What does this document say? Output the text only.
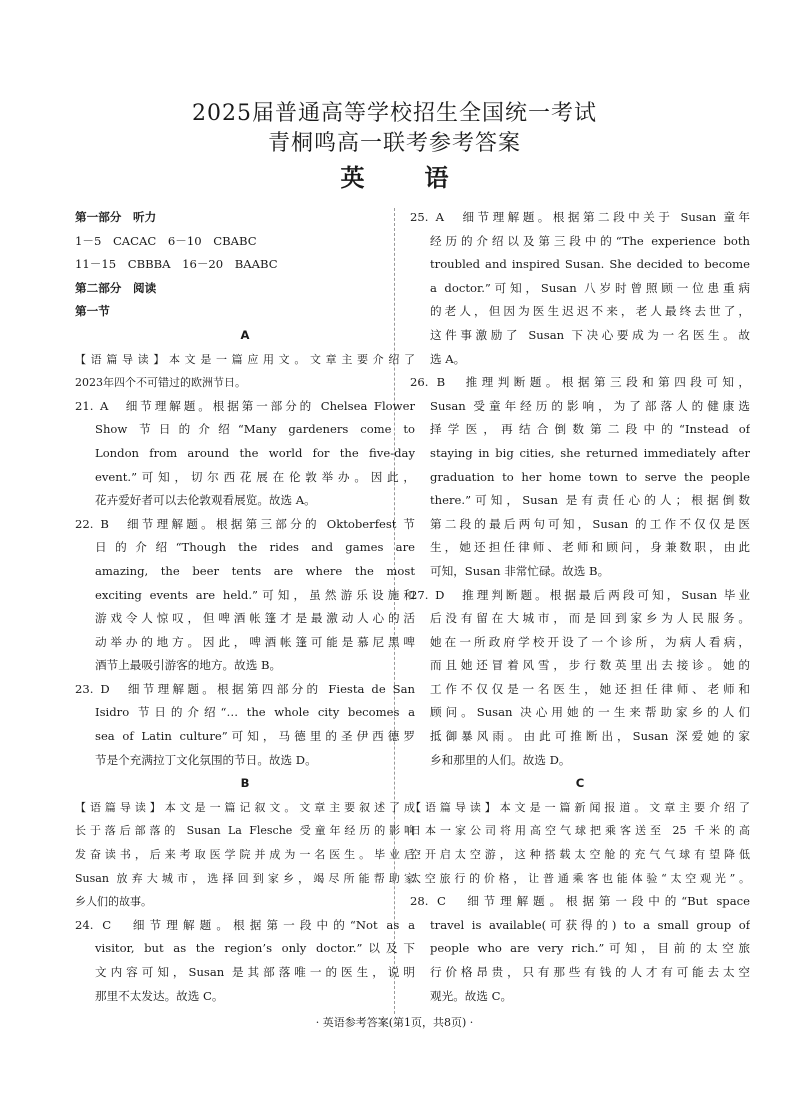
2025届普通高等学校招生全国统一考试
青桐鸣高一联考参考答案
英　语
第一部分　听力
1－5　CACAC　6－10　CBABC
11－15　CBBBA　16－20　BAABC
第二部分　阅读
第一节
A
【语篇导读】本文是一篇应用文。文章主要介绍了
2023年四个不可错过的欧洲节日。
21. A　细节理解题。根据第一部分的 Chelsea Flower
Show 节日的介绍“Many gardeners come to
London from around the world for the five-day
event.”可知，切尔西花展在伦敦举办。因此，
花卉爱好者可以去伦敦观看展览。故选 A。
22. B　细节理解题。根据第三部分的 Oktoberfest 节
日的介绍“Though the rides and games are
amazing, the beer tents are where the most
exciting events are held.”可知，虽然游乐设施和
游戏令人惊叹，但啤酒帐篷才是最激动人心的活
动举办的地方。因此，啤酒帐篷可能是慕尼黑啤
酒节上最吸引游客的地方。故选 B。
23. D　细节理解题。根据第四部分的 Fiesta de San
Isidro 节日的介绍“… the whole city becomes a
sea of Latin culture”可知，马德里的圣伊西德罗
节是个充满拉丁文化氛围的节日。故选 D。
B
【语篇导读】本文是一篇记叙文。文章主要叙述了成
长于落后部落的 Susan La Flesche 受童年经历的影响
发奋读书，后来考取医学院并成为一名医生。毕业后
Susan 放弃大城市，选择回到家乡，竭尽所能帮助家
乡人们的故事。
24. C　细节理解题。根据第一段中的“Not as a
visitor, but as the region’s only doctor.”以及下
文内容可知，Susan 是其部落唯一的医生，说明
那里不太发达。故选 C。
25. A　细节理解题。根据第二段中关于 Susan 童年
经历的介绍以及第三段中的“The experience both
troubled and inspired Susan. She decided to become
a doctor.”可知，Susan 八岁时曾照顾一位患重病
的老人，但因为医生迟迟不来，老人最终去世了，
这件事激励了 Susan 下决心要成为一名医生。故
选 A。
26. B　推理判断题。根据第三段和第四段可知，
Susan 受童年经历的影响，为了部落人的健康选
择学医，再结合倒数第二段中的“Instead of
staying in big cities, she returned immediately after
graduation to her home town to serve the people
there.”可知，Susan 是有责任心的人；根据倒数
第二段的最后两句可知，Susan 的工作不仅仅是医
生，她还担任律师、老师和顾问，身兼数职，由此
可知，Susan 非常忙碌。故选 B。
27. D　推理判断题。根据最后两段可知，Susan 毕业
后没有留在大城市，而是回到家乡为人民服务。
她在一所政府学校开设了一个诊所，为病人看病，
而且她还冒着风雪，步行数英里出去接诊。她的
工作不仅仅是一名医生，她还担任律师、老师和
顾问。Susan 决心用她的一生来帮助家乡的人们
抵御暴风雨。由此可推断出，Susan 深爱她的家
乡和那里的人们。故选 D。
C
【语篇导读】本文是一篇新闻报道。文章主要介绍了
日本一家公司将用高空气球把乘客送至 25 千米的高
空开启太空游，这种搭载太空舱的充气气球有望降低
太空旅行的价格，让普通乘客也能体验“太空观光”。
28. C　细节理解题。根据第一段中的“But space
travel is available(可获得的) to a small group of
people who are very rich.”可知，目前的太空旅
行价格昂贵，只有那些有钱的人才有可能去太空
观光。故选 C。
· 英语参考答案(第1页，共8页) ·
